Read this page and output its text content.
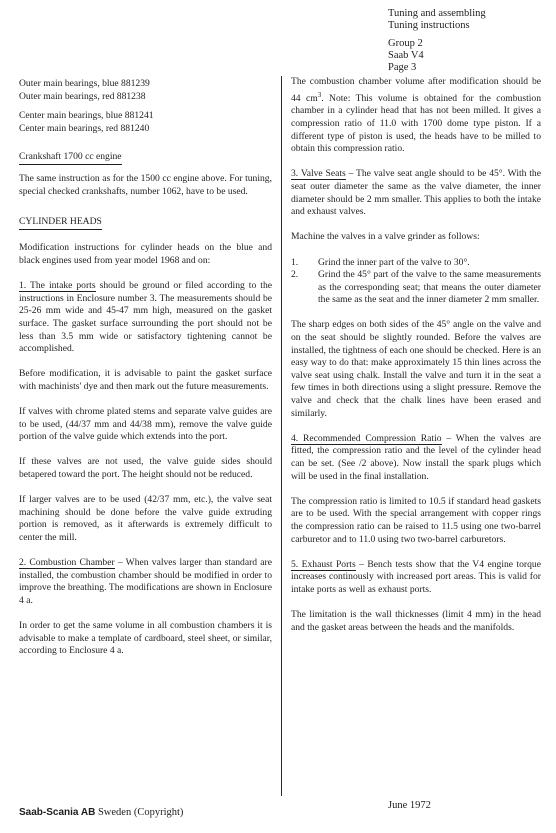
Tuning and assembling
Tuning instructions
Group 2
Saab V4
Page 3
Outer main bearings, blue 881239
Outer main bearings, red 881238
Center main bearings, blue 881241
Center main bearings, red 881240

Crankshaft 1700 cc engine

The same instruction as for the 1500 cc engine above. For tuning, special checked crankshafts, number 1062, have to be used.

CYLINDER HEADS

Modification instructions for cylinder heads on the blue and black engines used from year model 1968 and on:

1. The intake ports should be ground or filed according to the instructions in Enclosure number 3. The measurements should be 25-26 mm wide and 45-47 mm high, measured on the gasket surface. The gasket surface surrounding the port should not be less than 3.5 mm wide or satisfactory tightening cannot be accomplished.

Before modification, it is advisable to paint the gasket surface with machinists' dye and then mark out the future measurements.

If valves with chrome plated stems and separate valve guides are to be used, (44/37 mm and 44/38 mm), remove the valve guide portion of the valve guide which extends into the port.

If these valves are not used, the valve guide sides should betapered toward the port. The height should not be reduced.

If larger valves are to be used (42/37 mm, etc.), the valve seat machining should be done before the valve guide extruding portion is removed, as it afterwards is extremely difficult to center the mill.

2. Combustion Chamber – When valves larger than standard are installed, the combustion chamber should be modified in order to improve the breathing. The modifications are shown in Enclosure 4 a.

In order to get the same volume in all combustion chambers it is advisable to make a template of cardboard, steel sheet, or similar, according to Enclosure 4 a.

The combustion chamber volume after modification should be 44 $cm^3$. Note: This volume is obtained for the combustion chamber in a cylinder head that has not been milled. It gives a compression ratio of 11.0 with 1700 dome type piston. If a different type of piston is used, the heads have to be milled to obtain this compression ratio.

3. Valve Seats – The valve seat angle should to be 45°. With the seat outer diameter the same as the valve diameter, the inner diameter should be 2 mm smaller. This applies to both the intake and exhaust valves.

Machine the valves in a valve grinder as follows:

1.	Grind the inner part of the valve to 30°.
2.	Grind the 45° part of the valve to the same measurements as the corresponding seat; that means the outer diameter the same as the seat and the inner diameter 2 mm smaller.

The sharp edges on both sides of the 45° angle on the valve and on the seat should be slightly rounded. Before the valves are installed, the tightness of each one should be checked. Here is an easy way to do that: make approximately 15 thin lines across the valve seat using chalk. Install the valve and turn it in the seat a few times in both directions using a slight pressure. Remove the valve and check that the chalk lines have been erased and similarly.

4. Recommended Compression Ratio – When the valves are fitted, the compression ratio and the level of the cylinder head can be set. (See /2 above). Now install the spark plugs which will be used in the final installation.

The compression ratio is limited to 10.5 if standard head gaskets are to be used. With the special arrangement with copper rings the compression ratio can be raised to 11.5 using one two-barrel carburetor and to 11.0 using two two-barrel carburetors.

5. Exhaust Ports – Bench tests show that the V4 engine torque increases continously with increased port areas. This is valid for intake ports as well as exhaust ports.

The limitation is the wall thicknesses (limit 4 mm) in the head and the gasket areas between the heads and the manifolds.

Saab-Scania AB Sweden (Copyright)
June 1972
